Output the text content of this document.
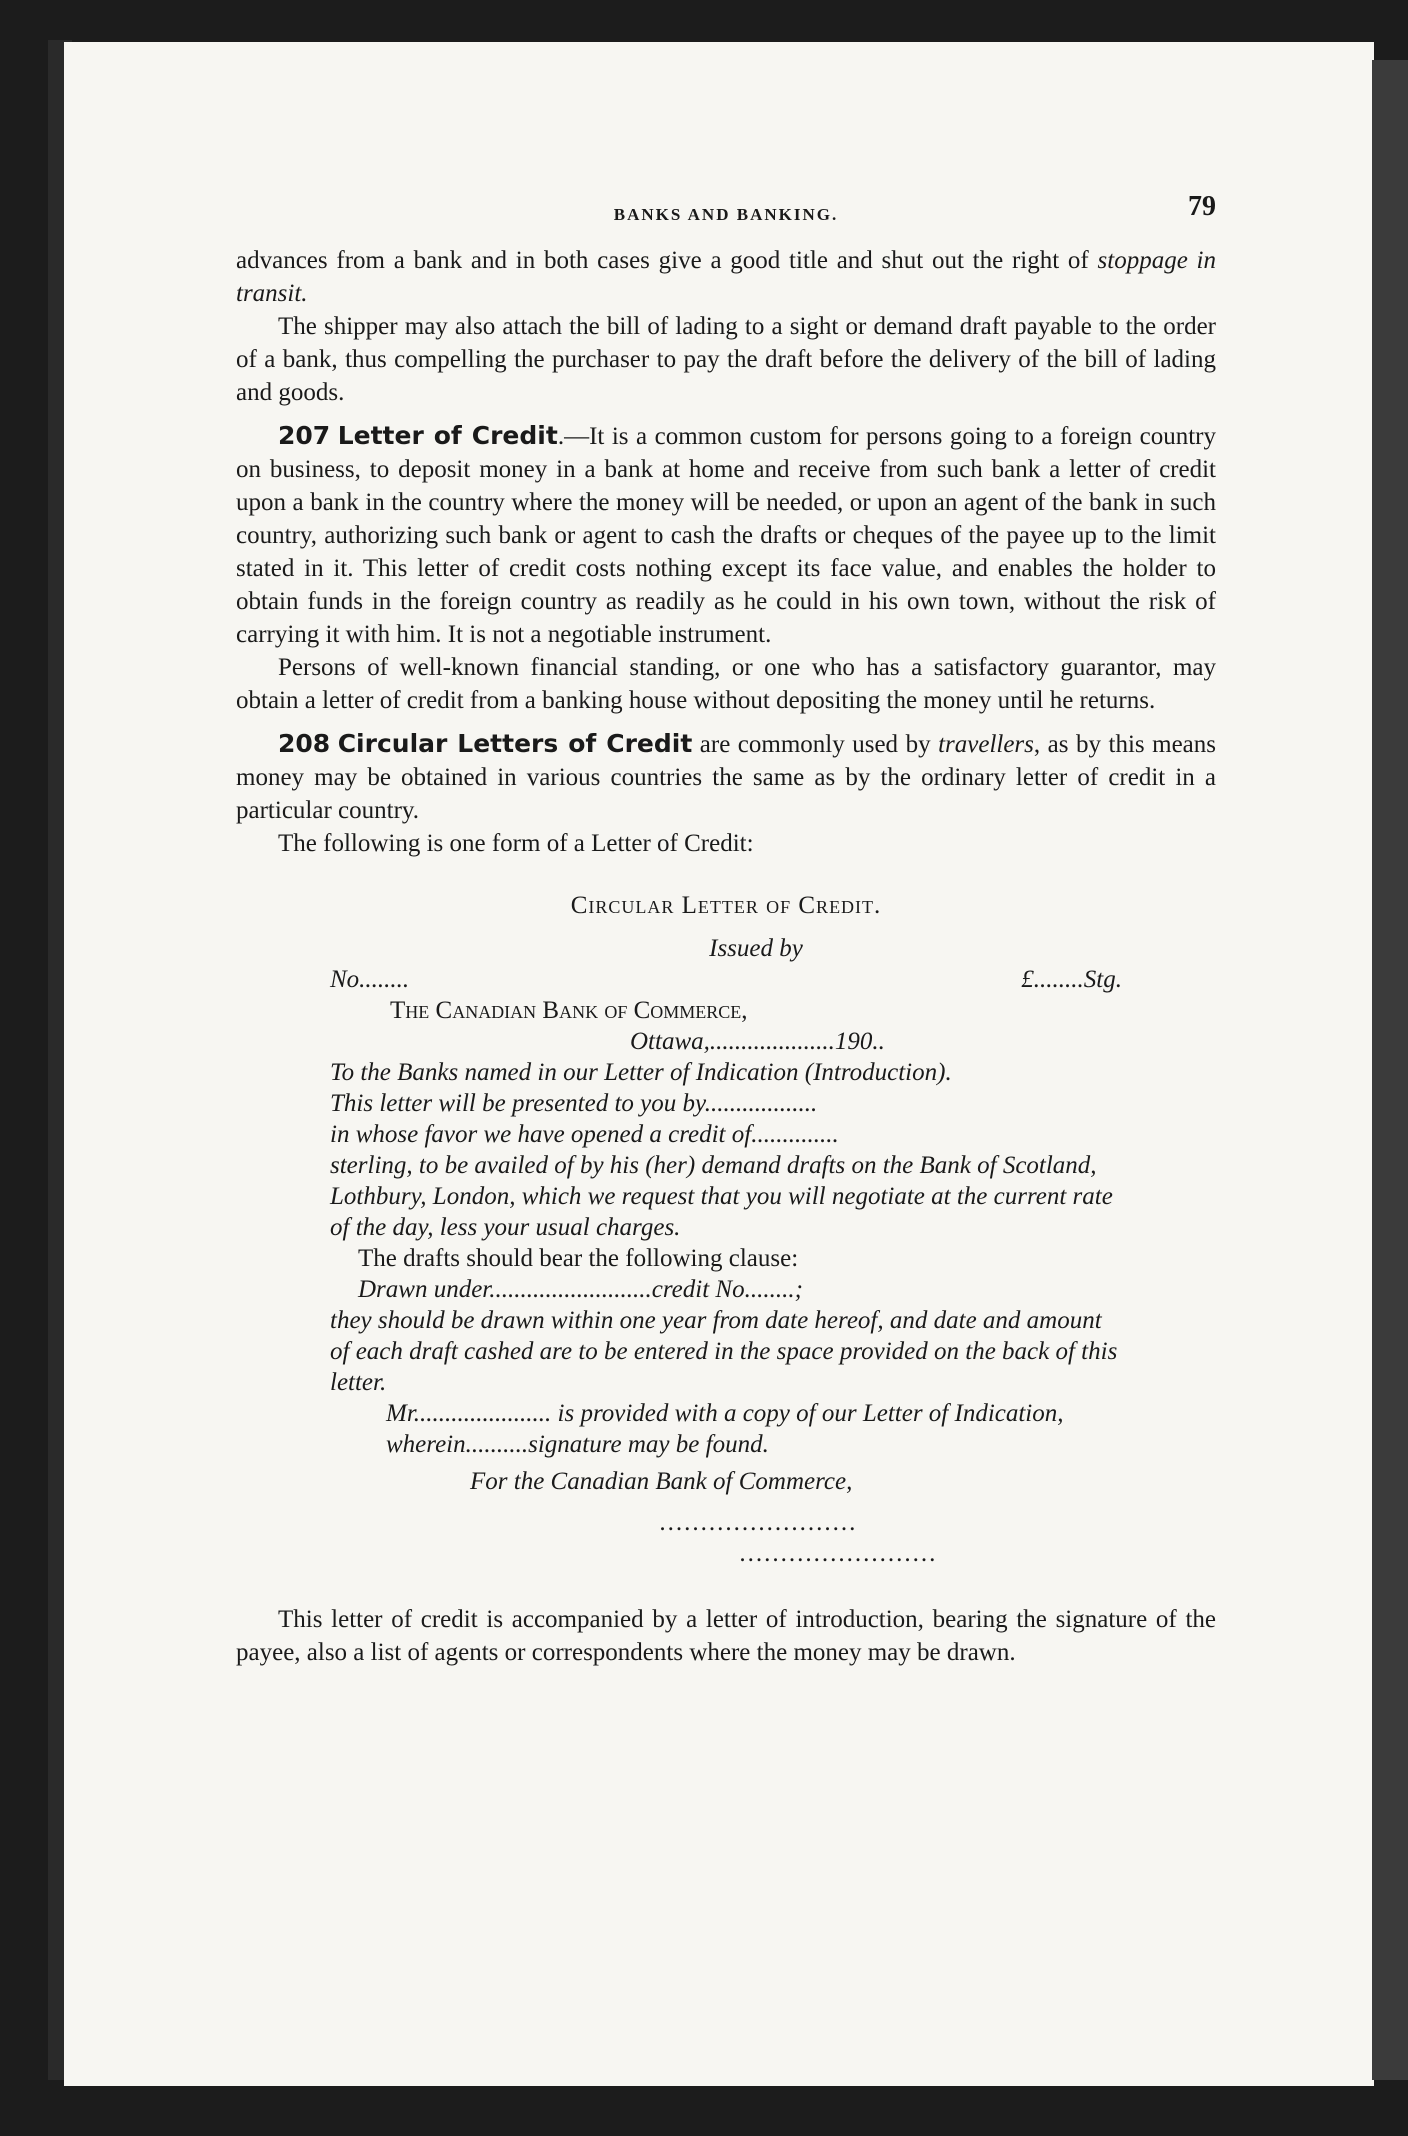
BANKS AND BANKING.	79

advances from a bank and in both cases give a good title and shut out the right of stoppage in transit.

The shipper may also attach the bill of lading to a sight or demand draft payable to the order of a bank, thus compelling the purchaser to pay the draft before the delivery of the bill of lading and goods.

207 Letter of Credit.—It is a common custom for persons going to a foreign country on business, to deposit money in a bank at home and receive from such bank a letter of credit upon a bank in the country where the money will be needed, or upon an agent of the bank in such country, authorizing such bank or agent to cash the drafts or cheques of the payee up to the limit stated in it. This letter of credit costs nothing except its face value, and enables the holder to obtain funds in the foreign country as readily as he could in his own town, without the risk of carrying it with him. It is not a negotiable instrument.

Persons of well-known financial standing, or one who has a satisfactory guarantor, may obtain a letter of credit from a banking house without depositing the money until he returns.

208 Circular Letters of Credit are commonly used by travellers, as by this means money may be obtained in various countries the same as by the ordinary letter of credit in a particular country.

The following is one form of a Letter of Credit:

Circular Letter of Credit.
Issued by
No........	£........Stg.
The Canadian Bank of Commerce,
Ottawa,....................190..
To the Banks named in our Letter of Indication (Introduction).
This letter will be presented to you by..................
in whose favor we have opened a credit of..............
sterling, to be availed of by his (her) demand drafts on the Bank of Scotland, Lothbury, London, which we request that you will negotiate at the current rate of the day, less your usual charges.
The drafts should bear the following clause:
Drawn under..........................credit No........;
they should be drawn within one year from date hereof, and date and amount of each draft cashed are to be entered in the space provided on the back of this letter.
Mr...................... is provided with a copy of our Letter of Indication, wherein..........signature may be found.
For the Canadian Bank of Commerce,
........................
........................

This letter of credit is accompanied by a letter of introduction, bearing the signature of the payee, also a list of agents or correspondents where the money may be drawn.
